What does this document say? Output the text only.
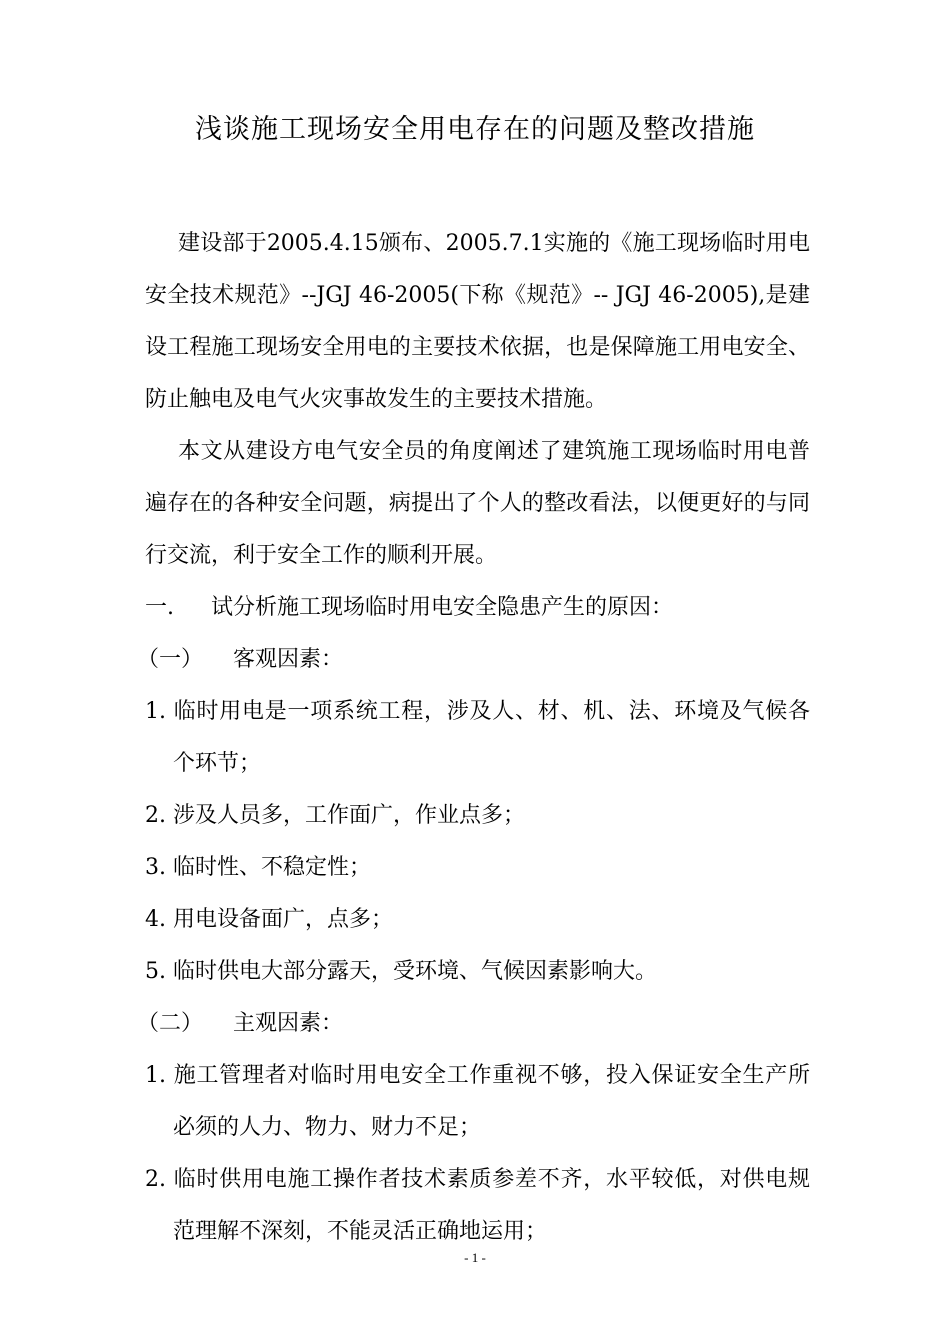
浅谈施工现场安全用电存在的问题及整改措施

建设部于2005.4.15颁布、2005.7.1实施的《施工现场临时用电安全技术规范》--JGJ 46-2005(下称《规范》-- JGJ 46-2005),是建设工程施工现场安全用电的主要技术依据，也是保障施工用电安全、防止触电及电气火灾事故发生的主要技术措施。

本文从建设方电气安全员的角度阐述了建筑施工现场临时用电普遍存在的各种安全问题，病提出了个人的整改看法，以便更好的与同行交流，利于安全工作的顺利开展。

一. 试分析施工现场临时用电安全隐患产生的原因：

（一） 客观因素：

1. 临时用电是一项系统工程，涉及人、材、机、法、环境及气候各个环节；

2. 涉及人员多，工作面广，作业点多；

3. 临时性、不稳定性；

4. 用电设备面广，点多；

5. 临时供电大部分露天，受环境、气候因素影响大。

（二） 主观因素：

1. 施工管理者对临时用电安全工作重视不够，投入保证安全生产所必须的人力、物力、财力不足；

2. 临时供用电施工操作者技术素质参差不齐，水平较低，对供电规范理解不深刻，不能灵活正确地运用；

- 1 -
